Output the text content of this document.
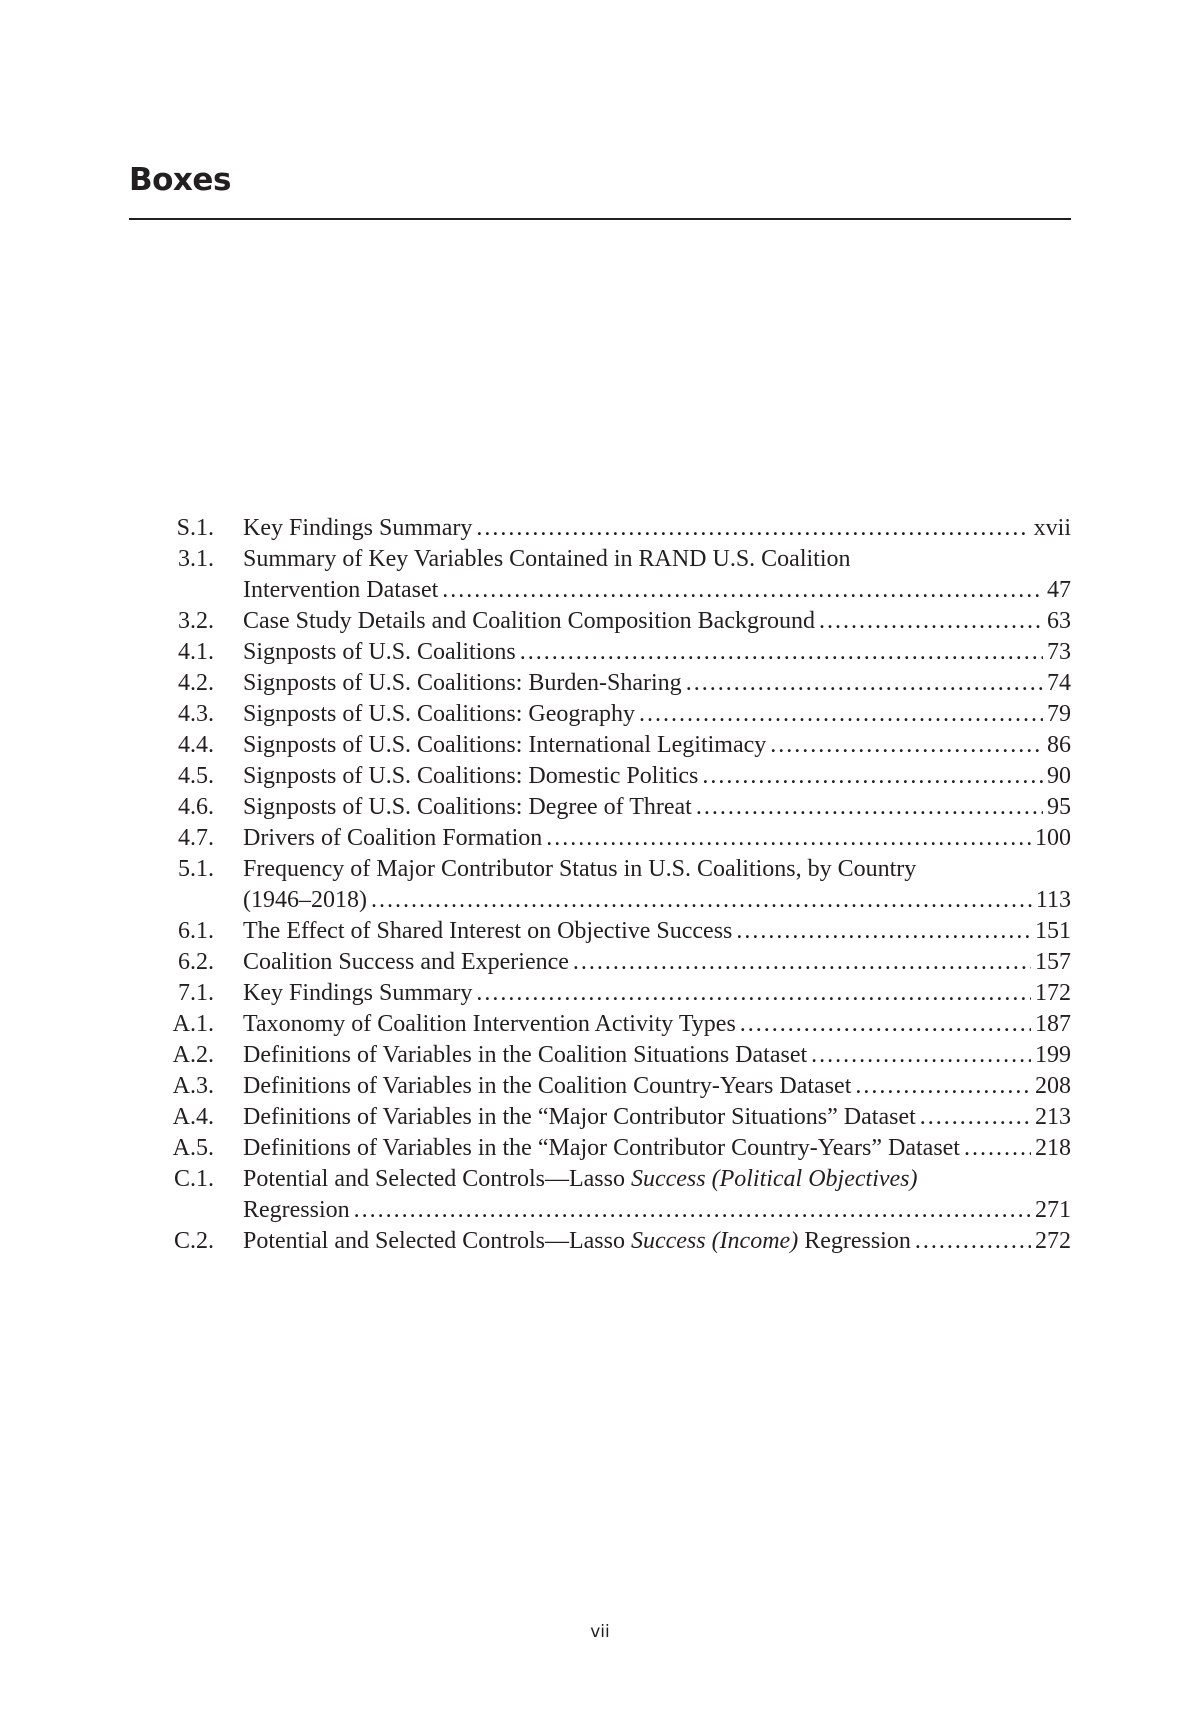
Boxes
S.1. Key Findings Summary .....	xvii
3.1. Summary of Key Variables Contained in RAND U.S. Coalition
Intervention Dataset .....	47
3.2. Case Study Details and Coalition Composition Background .....	63
4.1. Signposts of U.S. Coalitions .....	73
4.2. Signposts of U.S. Coalitions: Burden-Sharing .....	74
4.3. Signposts of U.S. Coalitions: Geography .....	79
4.4. Signposts of U.S. Coalitions: International Legitimacy .....	86
4.5. Signposts of U.S. Coalitions: Domestic Politics .....	90
4.6. Signposts of U.S. Coalitions: Degree of Threat .....	95
4.7. Drivers of Coalition Formation .....	100
5.1. Frequency of Major Contributor Status in U.S. Coalitions, by Country
(1946–2018) .....	113
6.1. The Effect of Shared Interest on Objective Success .....	151
6.2. Coalition Success and Experience .....	157
7.1. Key Findings Summary .....	172
A.1. Taxonomy of Coalition Intervention Activity Types .....	187
A.2. Definitions of Variables in the Coalition Situations Dataset .....	199
A.3. Definitions of Variables in the Coalition Country-Years Dataset .....	208
A.4. Definitions of Variables in the “Major Contributor Situations” Dataset .....	213
A.5. Definitions of Variables in the “Major Contributor Country-Years” Dataset .....	218
C.1. Potential and Selected Controls—Lasso Success (Political Objectives)
Regression .....	271
C.2. Potential and Selected Controls—Lasso Success (Income) Regression .....	272
vii
